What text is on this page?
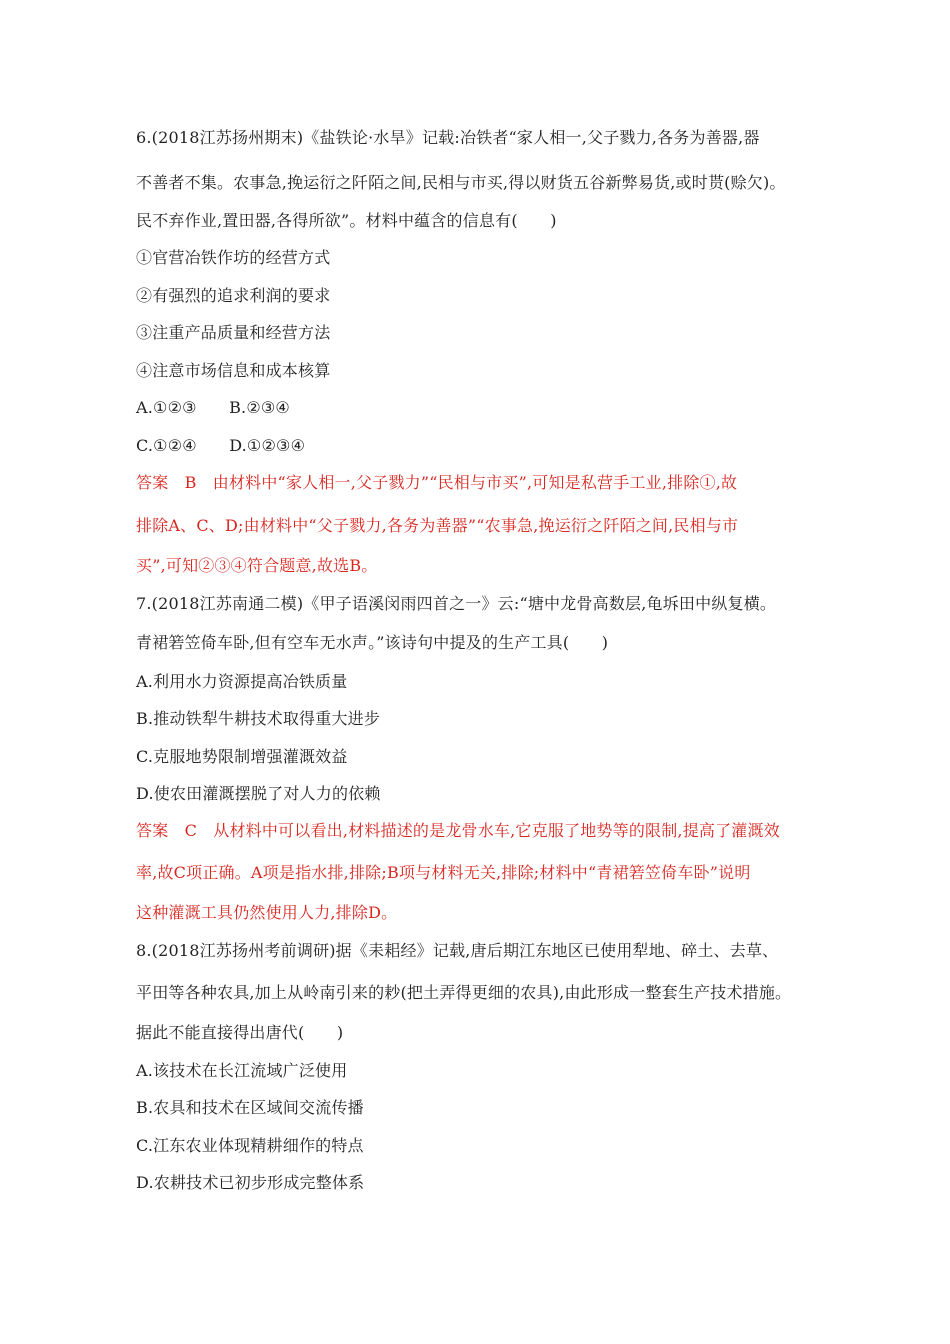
6.(2018江苏扬州期末)《盐铁论·水旱》记载:冶铁者“家人相一,父子戮力,各务为善器,器
不善者不集。农事急,挽运衍之阡陌之间,民相与市买,得以财货五谷新弊易货,或时贳(赊欠)。
民不弃作业,置田器,各得所欲”。材料中蕴含的信息有(　　)
①官营冶铁作坊的经营方式
②有强烈的追求利润的要求
③注重产品质量和经营方法
④注意市场信息和成本核算
A.①②③　　B.②③④
C.①②④　　D.①②③④
答案　B　由材料中“家人相一,父子戮力”“民相与市买”,可知是私营手工业,排除①,故
排除A、C、D;由材料中“父子戮力,各务为善器”“农事急,挽运衍之阡陌之间,民相与市
买”,可知②③④符合题意,故选B。
7.(2018江苏南通二模)《甲子语溪闵雨四首之一》云:“塘中龙骨高数层,龟坼田中纵复横。
青裙箬笠倚车卧,但有空车无水声。”该诗句中提及的生产工具(　　)
A.利用水力资源提高冶铁质量
B.推动铁犁牛耕技术取得重大进步
C.克服地势限制增强灌溉效益
D.使农田灌溉摆脱了对人力的依赖
答案　C　从材料中可以看出,材料描述的是龙骨水车,它克服了地势等的限制,提高了灌溉效
率,故C项正确。A项是指水排,排除;B项与材料无关,排除;材料中“青裙箬笠倚车卧”说明
这种灌溉工具仍然使用人力,排除D。
8.(2018江苏扬州考前调研)据《耒耜经》记载,唐后期江东地区已使用犁地、碎土、去草、
平田等各种农具,加上从岭南引来的耖(把土弄得更细的农具),由此形成一整套生产技术措施。
据此不能直接得出唐代(　　)
A.该技术在长江流域广泛使用
B.农具和技术在区域间交流传播
C.江东农业体现精耕细作的特点
D.农耕技术已初步形成完整体系
